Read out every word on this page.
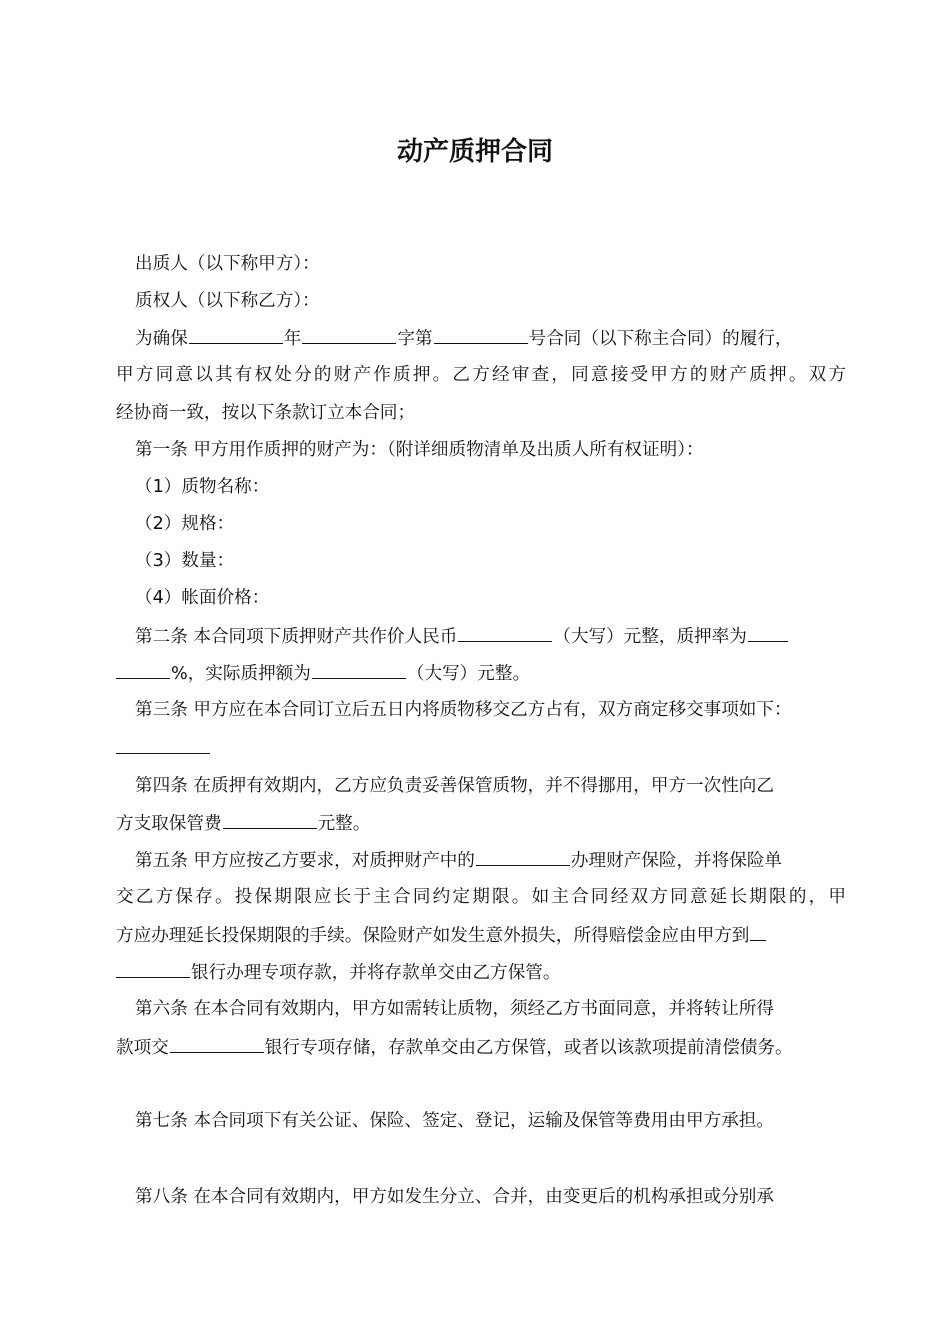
动产质押合同
出质人（以下称甲方）：
质权人（以下称乙方）：
为确保	年	字第	号合同（以下称主合同）的履行，
甲方同意以其有权处分的财产作质押。乙方经审查，同意接受甲方的财产质押。双方
经协商一致，按以下条款订立本合同；
第一条 甲方用作质押的财产为：（附详细质物清单及出质人所有权证明）：
（1）质物名称：
（2）规格：
（3）数量：
（4）帐面价格：
第二条 本合同项下质押财产共作价人民币	（大写）元整，质押率为
%，实际质押额为	（大写）元整。
第三条 甲方应在本合同订立后五日内将质物移交乙方占有，双方商定移交事项如下：
第四条 在质押有效期内，乙方应负责妥善保管质物，并不得挪用，甲方一次性向乙
方支取保管费	元整。
第五条 甲方应按乙方要求，对质押财产中的	办理财产保险，并将保险单
交乙方保存。投保期限应长于主合同约定期限。如主合同经双方同意延长期限的，甲
方应办理延长投保期限的手续。保险财产如发生意外损失，所得赔偿金应由甲方到
银行办理专项存款，并将存款单交由乙方保管。
第六条 在本合同有效期内，甲方如需转让质物，须经乙方书面同意，并将转让所得
款项交	银行专项存储，存款单交由乙方保管，或者以该款项提前清偿债务。
第七条 本合同项下有关公证、保险、签定、登记，运输及保管等费用由甲方承担。
第八条 在本合同有效期内，甲方如发生分立、合并，由变更后的机构承担或分别承
